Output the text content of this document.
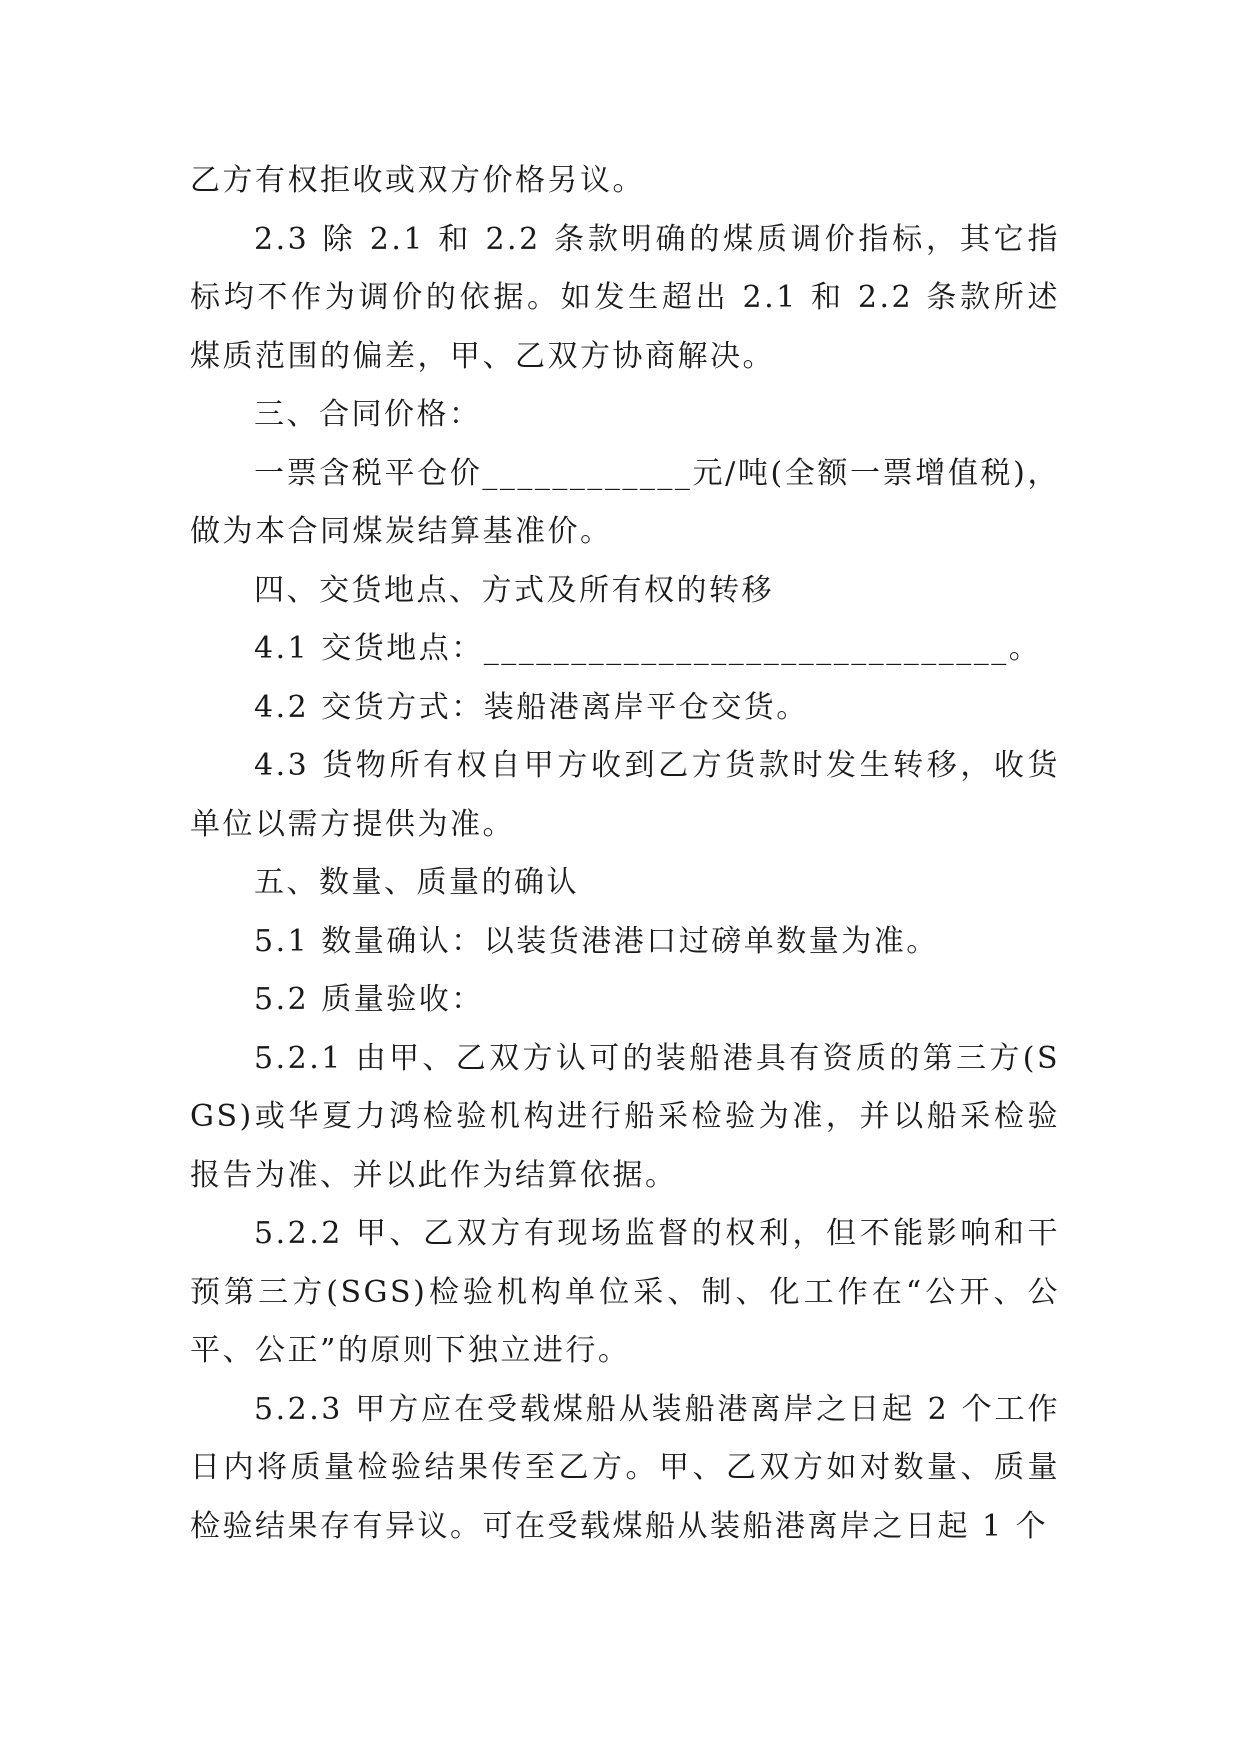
乙方有权拒收或双方价格另议。

2.3 除 2.1 和 2.2 条款明确的煤质调价指标，其它指标均不作为调价的依据。如发生超出 2.1 和 2.2 条款所述煤质范围的偏差，甲、乙双方协商解决。

三、合同价格：

一票含税平仓价____________元/吨(全额一票增值税)，做为本合同煤炭结算基准价。

四、交货地点、方式及所有权的转移

4.1 交货地点：______________________________。

4.2 交货方式：装船港离岸平仓交货。

4.3 货物所有权自甲方收到乙方货款时发生转移，收货单位以需方提供为准。

五、数量、质量的确认

5.1 数量确认：以装货港港口过磅单数量为准。

5.2 质量验收：

5.2.1 由甲、乙双方认可的装船港具有资质的第三方(SGS)或华夏力鸿检验机构进行船采检验为准，并以船采检验报告为准、并以此作为结算依据。

5.2.2 甲、乙双方有现场监督的权利，但不能影响和干预第三方(SGS)检验机构单位采、制、化工作在“公开、公平、公正”的原则下独立进行。

5.2.3 甲方应在受载煤船从装船港离岸之日起 2 个工作日内将质量检验结果传至乙方。甲、乙双方如对数量、质量检验结果存有异议。可在受载煤船从装船港离岸之日起 1 个
